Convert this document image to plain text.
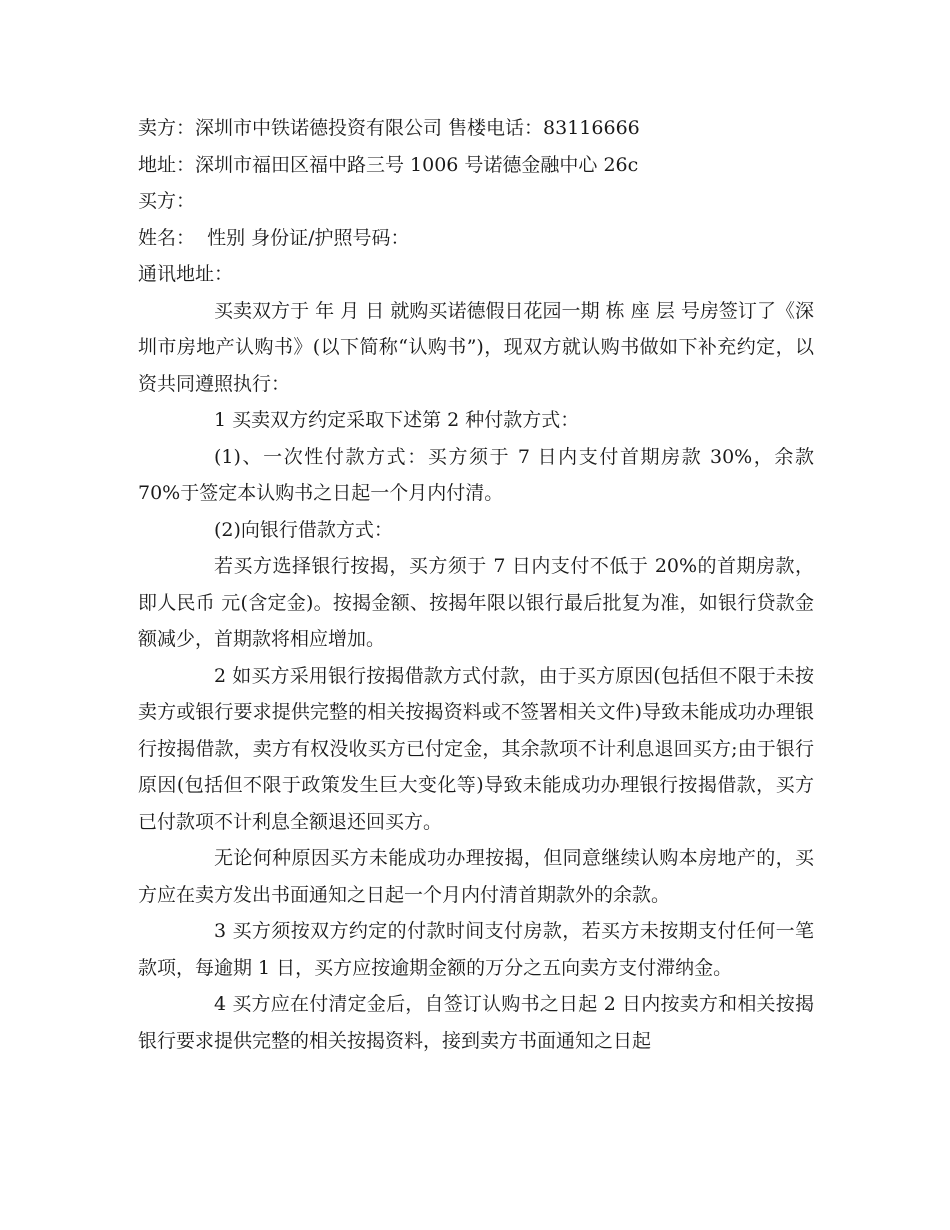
卖方：深圳市中铁诺德投资有限公司 售楼电话：83116666

地址：深圳市福田区福中路三号 1006 号诺德金融中心 26c

买方：

姓名：  性别 身份证/护照号码：

通讯地址：

买卖双方于 年 月 日 就购买诺德假日花园一期 栋 座 层 号房签订了《深圳市房地产认购书》(以下简称“认购书”)，现双方就认购书做如下补充约定，以资共同遵照执行：

1 买卖双方约定采取下述第 2 种付款方式：

(1)、一次性付款方式：买方须于 7 日内支付首期房款 30%，余款 70%于签定本认购书之日起一个月内付清。

(2)向银行借款方式：

若买方选择银行按揭，买方须于 7 日内支付不低于 20%的首期房款，即人民币 元(含定金)。按揭金额、按揭年限以银行最后批复为准，如银行贷款金额减少，首期款将相应增加。

2 如买方采用银行按揭借款方式付款，由于买方原因(包括但不限于未按卖方或银行要求提供完整的相关按揭资料或不签署相关文件)导致未能成功办理银行按揭借款，卖方有权没收买方已付定金，其余款项不计利息退回买方;由于银行原因(包括但不限于政策发生巨大变化等)导致未能成功办理银行按揭借款，买方已付款项不计利息全额退还回买方。

无论何种原因买方未能成功办理按揭，但同意继续认购本房地产的，买方应在卖方发出书面通知之日起一个月内付清首期款外的余款。

3 买方须按双方约定的付款时间支付房款，若买方未按期支付任何一笔款项，每逾期 1 日，买方应按逾期金额的万分之五向卖方支付滞纳金。

4 买方应在付清定金后，自签订认购书之日起 2 日内按卖方和相关按揭银行要求提供完整的相关按揭资料，接到卖方书面通知之日起
